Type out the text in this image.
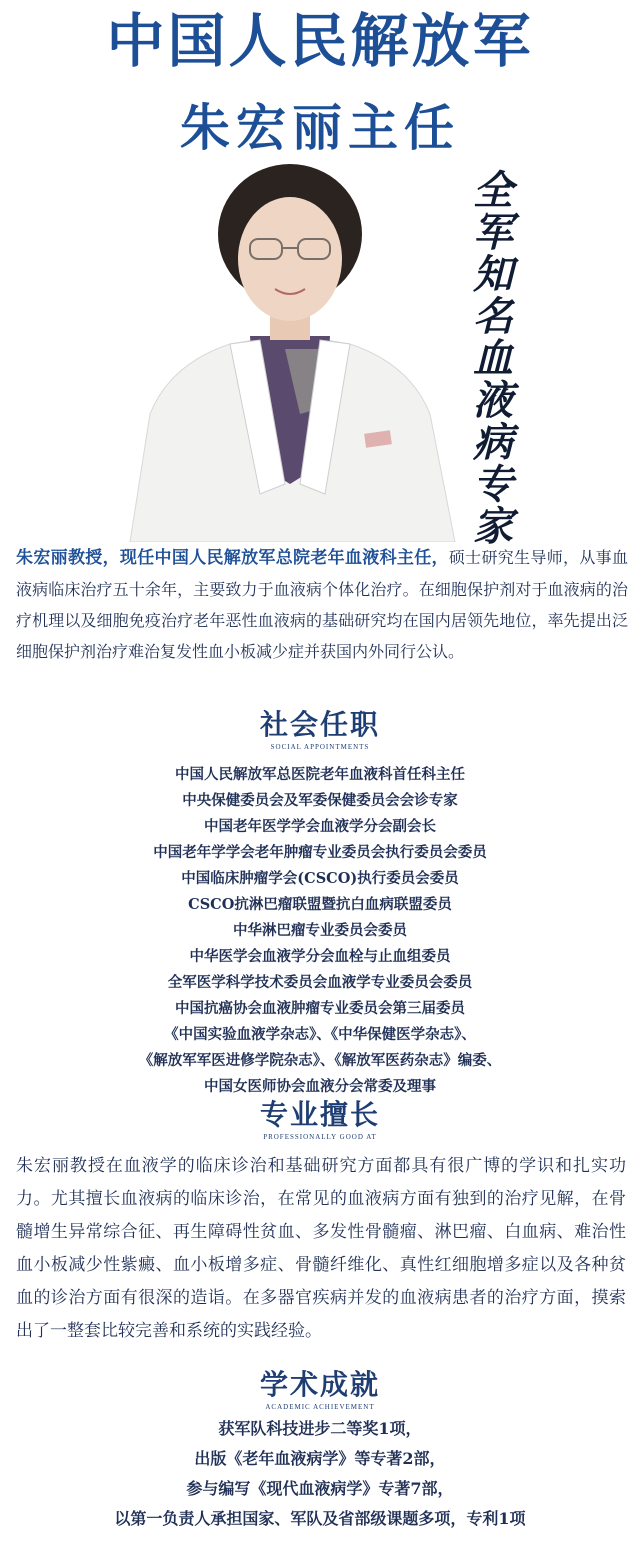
中国人民解放军
朱宏丽主任
全
军
知
名
血
液
病
专
家
朱宏丽教授，现任中国人民解放军总院老年血液科主任，硕士研究生导师，从事血液病临床治疗五十余年，主要致力于血液病个体化治疗。在细胞保护剂对于血液病的治疗机理以及细胞免疫治疗老年恶性血液病的基础研究均在国内居领先地位，率先提出泛细胞保护剂治疗难治复发性血小板减少症并获国内外同行公认。
社会任职
SOCIAL APPOINTMENTS
中国人民解放军总医院老年血液科首任科主任
中央保健委员会及军委保健委员会会诊专家
中国老年医学学会血液学分会副会长
中国老年学学会老年肿瘤专业委员会执行委员会委员
中国临床肿瘤学会(CSCO)执行委员会委员
CSCO抗淋巴瘤联盟暨抗白血病联盟委员
中华淋巴瘤专业委员会委员
中华医学会血液学分会血栓与止血组委员
全军医学科学技术委员会血液学专业委员会委员
中国抗癌协会血液肿瘤专业委员会第三届委员
《中国实验血液学杂志》、《中华保健医学杂志》、
《解放军军医进修学院杂志》、《解放军医药杂志》编委、
中国女医师协会血液分会常委及理事
专业擅长
PROFESSIONALLY GOOD AT
朱宏丽教授在血液学的临床诊治和基础研究方面都具有很广博的学识和扎实功力。尤其擅长血液病的临床诊治，在常见的血液病方面有独到的治疗见解，在骨髓增生异常综合征、再生障碍性贫血、多发性骨髓瘤、淋巴瘤、白血病、难治性血小板减少性紫癜、血小板增多症、骨髓纤维化、真性红细胞增多症以及各种贫血的诊治方面有很深的造诣。在多器官疾病并发的血液病患者的治疗方面，摸索出了一整套比较完善和系统的实践经验。
学术成就
ACADEMIC ACHIEVEMENT
获军队科技进步二等奖1项，
出版《老年血液病学》等专著2部，
参与编写《现代血液病学》专著7部，
以第一负责人承担国家、军队及省部级课题多项，专利1项
